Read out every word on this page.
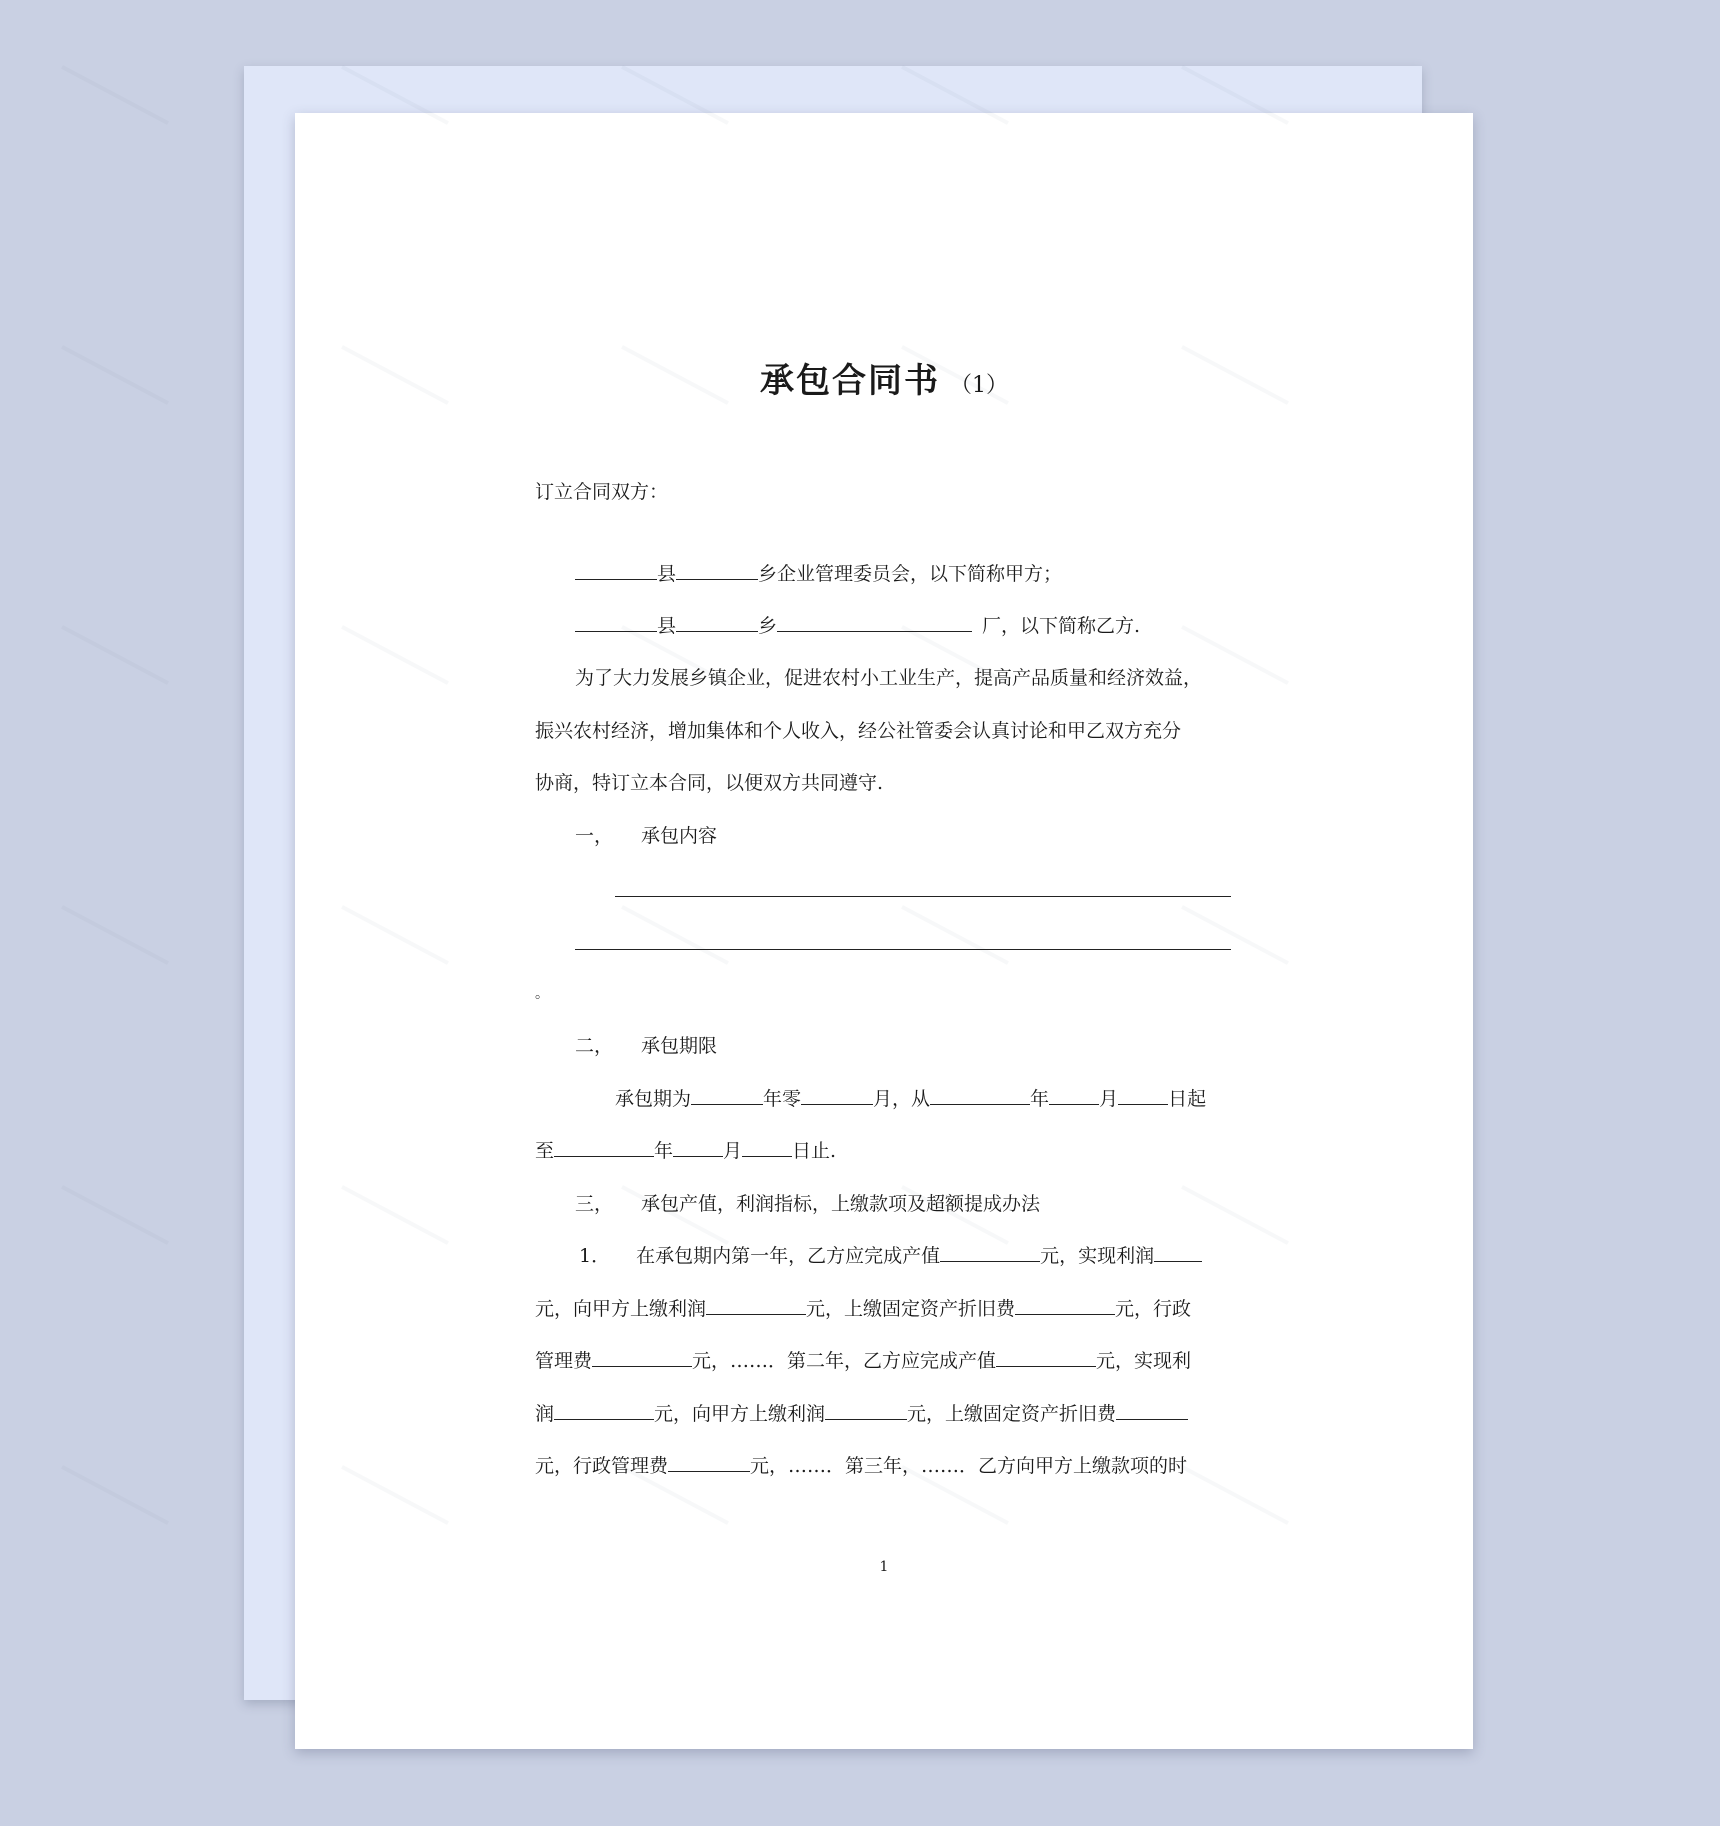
承包合同书 （1）
订立合同双方：
县	乡企业管理委员会，以下简称甲方；
县	乡	厂，以下简称乙方.
为了大力发展乡镇企业，促进农村小工业生产，提高产品质量和经济效益，
振兴农村经济，增加集体和个人收入，经公社管委会认真讨论和甲乙双方充分
协商，特订立本合同，以便双方共同遵守.
一， 承包内容
。
二， 承包期限
承包期为	年零	月，从	年	月	日起
至	年	月	日止.
三， 承包产值，利润指标，上缴款项及超额提成办法
1． 在承包期内第一年，乙方应完成产值	元，实现利润
元，向甲方上缴利润	元，上缴固定资产折旧费	元，行政
管理费	元，……．第二年，乙方应完成产值	元，实现利
润	元，向甲方上缴利润	元，上缴固定资产折旧费
元，行政管理费	元，……．第三年，……．乙方向甲方上缴款项的时
1
